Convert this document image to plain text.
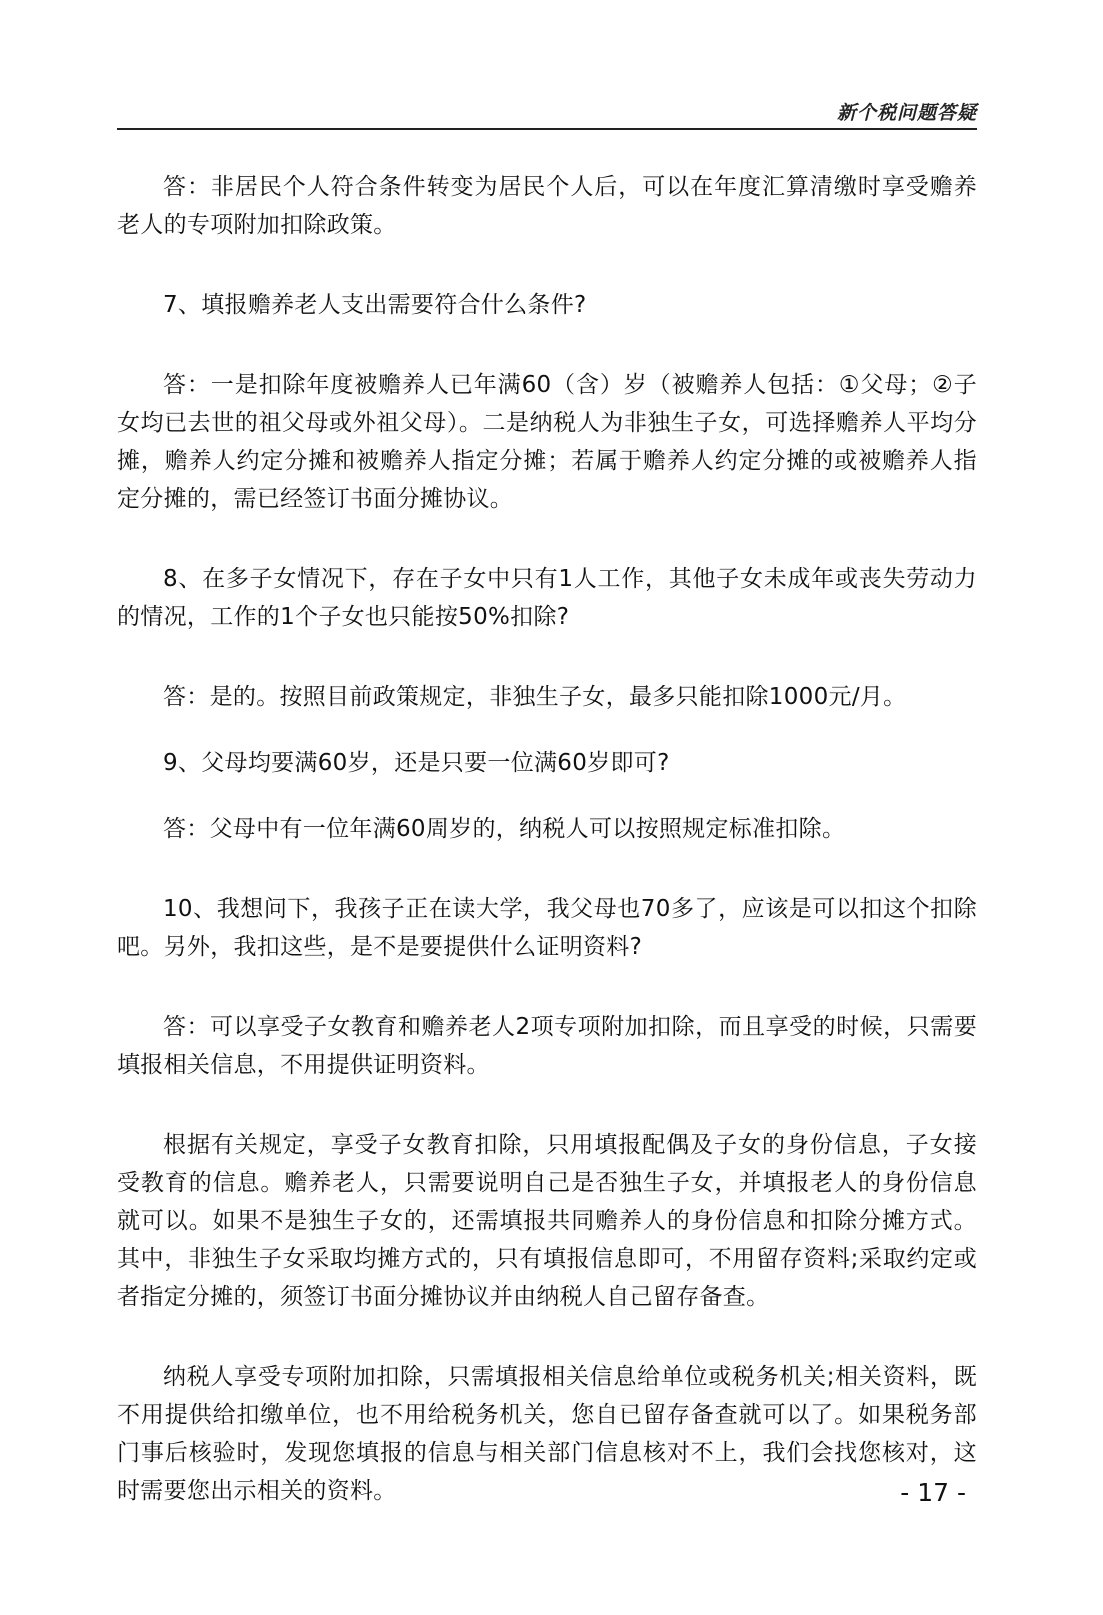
新个税问题答疑

答：非居民个人符合条件转变为居民个人后，可以在年度汇算清缴时享受赡养老人的专项附加扣除政策。

7、填报赡养老人支出需要符合什么条件?

答：一是扣除年度被赡养人已年满60（含）岁（被赡养人包括：①父母；②子女均已去世的祖父母或外祖父母）。二是纳税人为非独生子女，可选择赡养人平均分摊，赡养人约定分摊和被赡养人指定分摊；若属于赡养人约定分摊的或被赡养人指定分摊的，需已经签订书面分摊协议。

8、在多子女情况下，存在子女中只有1人工作，其他子女未成年或丧失劳动力的情况，工作的1个子女也只能按50%扣除?

答：是的。按照目前政策规定，非独生子女，最多只能扣除1000元/月。

9、父母均要满60岁，还是只要一位满60岁即可?

答：父母中有一位年满60周岁的，纳税人可以按照规定标准扣除。

10、我想问下，我孩子正在读大学，我父母也70多了，应该是可以扣这个扣除吧。另外，我扣这些，是不是要提供什么证明资料?

答：可以享受子女教育和赡养老人2项专项附加扣除，而且享受的时候，只需要填报相关信息，不用提供证明资料。

根据有关规定，享受子女教育扣除，只用填报配偶及子女的身份信息，子女接受教育的信息。赡养老人，只需要说明自己是否独生子女，并填报老人的身份信息就可以。如果不是独生子女的，还需填报共同赡养人的身份信息和扣除分摊方式。其中，非独生子女采取均摊方式的，只有填报信息即可，不用留存资料;采取约定或者指定分摊的，须签订书面分摊协议并由纳税人自己留存备查。

纳税人享受专项附加扣除，只需填报相关信息给单位或税务机关;相关资料，既不用提供给扣缴单位，也不用给税务机关，您自已留存备查就可以了。如果税务部门事后核验时，发现您填报的信息与相关部门信息核对不上，我们会找您核对，这时需要您出示相关的资料。	- 17 -
